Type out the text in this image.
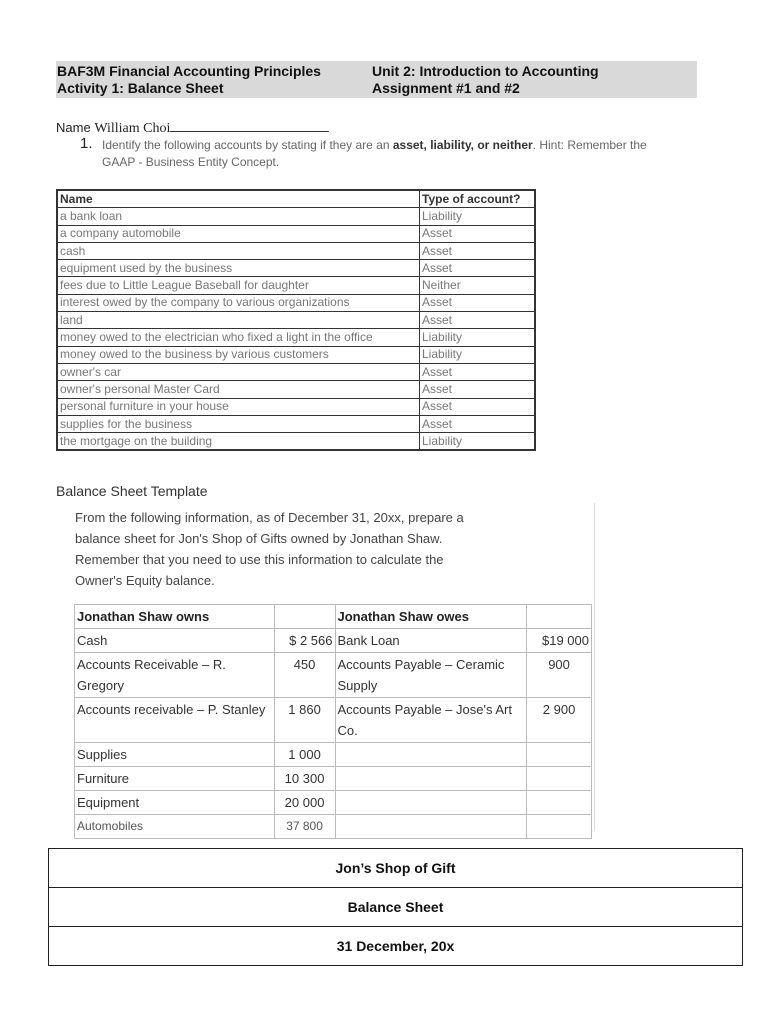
BAF3M Financial Accounting Principles
Activity 1: Balance Sheet
Unit 2: Introduction to Accounting
Assignment #1 and #2
Name William Choi
1. Identify the following accounts by stating if they are an asset, liability, or neither. Hint: Remember the GAAP - Business Entity Concept.
Name	Type of account?
a bank loan	Liability
a company automobile	Asset
cash	Asset
equipment used by the business	Asset
fees due to Little League Baseball for daughter	Neither
interest owed by the company to various organizations	Asset
land	Asset
money owed to the electrician who fixed a light in the office	Liability
money owed to the business by various customers	Liability
owner's car	Asset
owner's personal Master Card	Asset
personal furniture in your house	Asset
supplies for the business	Asset
the mortgage on the building	Liability
Balance Sheet Template
From the following information, as of December 31, 20xx, prepare a balance sheet for Jon's Shop of Gifts owned by Jonathan Shaw. Remember that you need to use this information to calculate the Owner's Equity balance.
Jonathan Shaw owns		Jonathan Shaw owes	
Cash	$ 2 566	Bank Loan	$19 000
Accounts Receivable – R. Gregory	450	Accounts Payable – Ceramic Supply	900
Accounts receivable – P. Stanley	1 860	Accounts Payable – Jose's Art Co.	2 900
Supplies	1 000		
Furniture	10 300		
Equipment	20 000		
Automobiles	37 800		
Jon’s Shop of Gift
Balance Sheet
31 December, 20x
